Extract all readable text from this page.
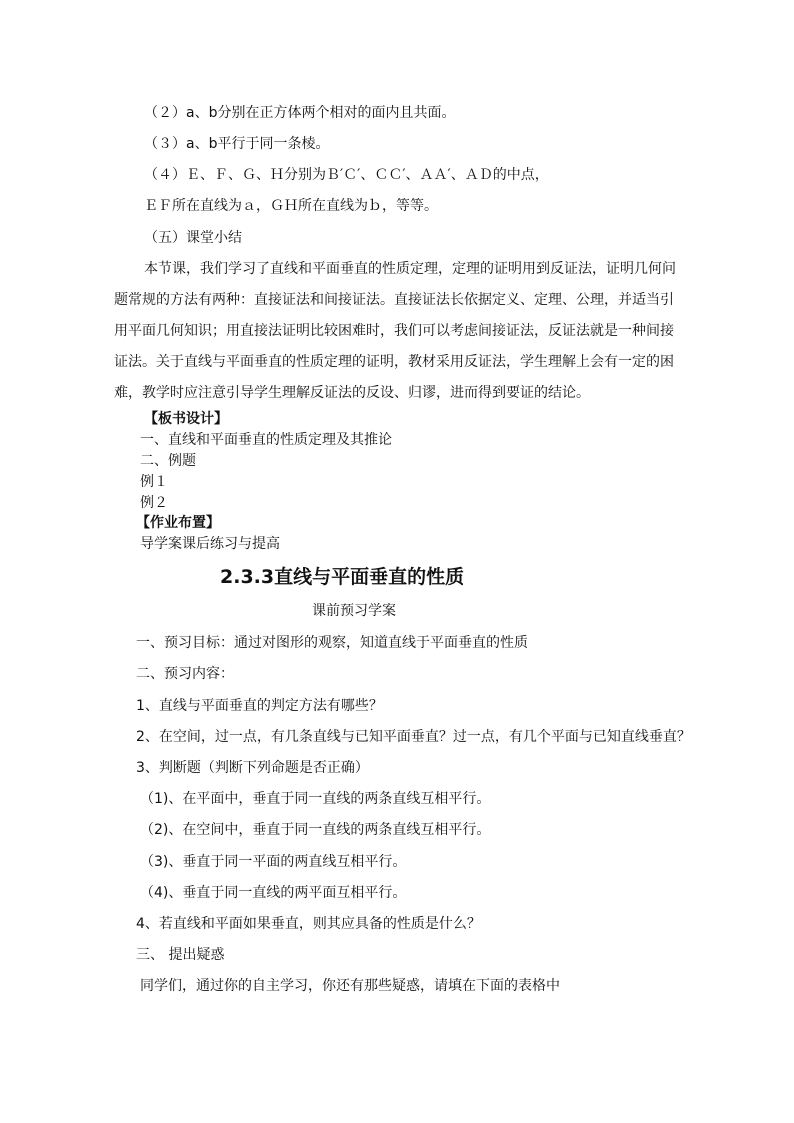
（２）a、b分别在正方体两个相对的面内且共面。
（３）a、b平行于同一条棱。
（４）Ｅ、Ｆ、Ｇ、Ｈ分别为Ｂ′Ｃ′、ＣＣ′、ＡＡ′、ＡＤ的中点，
ＥＦ所在直线为ａ，ＧＨ所在直线为ｂ，等等。
（五）课堂小结
本节课，我们学习了直线和平面垂直的性质定理，定理的证明用到反证法，证明几何问
题常规的方法有两种：直接证法和间接证法。直接证法长依据定义、定理、公理，并适当引
用平面几何知识；用直接法证明比较困难时，我们可以考虑间接证法，反证法就是一种间接
证法。关于直线与平面垂直的性质定理的证明，教材采用反证法，学生理解上会有一定的困
难，教学时应注意引导学生理解反证法的反设、归谬，进而得到要证的结论。
【板书设计】
一、直线和平面垂直的性质定理及其推论
二、例题
例１
例２
【作业布置】
导学案课后练习与提高
2.3.3直线与平面垂直的性质
课前预习学案
一、预习目标：通过对图形的观察，知道直线于平面垂直的性质
二、预习内容：
1、直线与平面垂直的判定方法有哪些？
2、在空间，过一点，有几条直线与已知平面垂直？过一点，有几个平面与已知直线垂直？
3、判断题（判断下列命题是否正确）
（1)、在平面中，垂直于同一直线的两条直线互相平行。
（2)、在空间中，垂直于同一直线的两条直线互相平行。
（3)、垂直于同一平面的两直线互相平行。
（4)、垂直于同一直线的两平面互相平行。
4、若直线和平面如果垂直，则其应具备的性质是什么？
三、 提出疑惑
同学们，通过你的自主学习，你还有那些疑惑，请填在下面的表格中
